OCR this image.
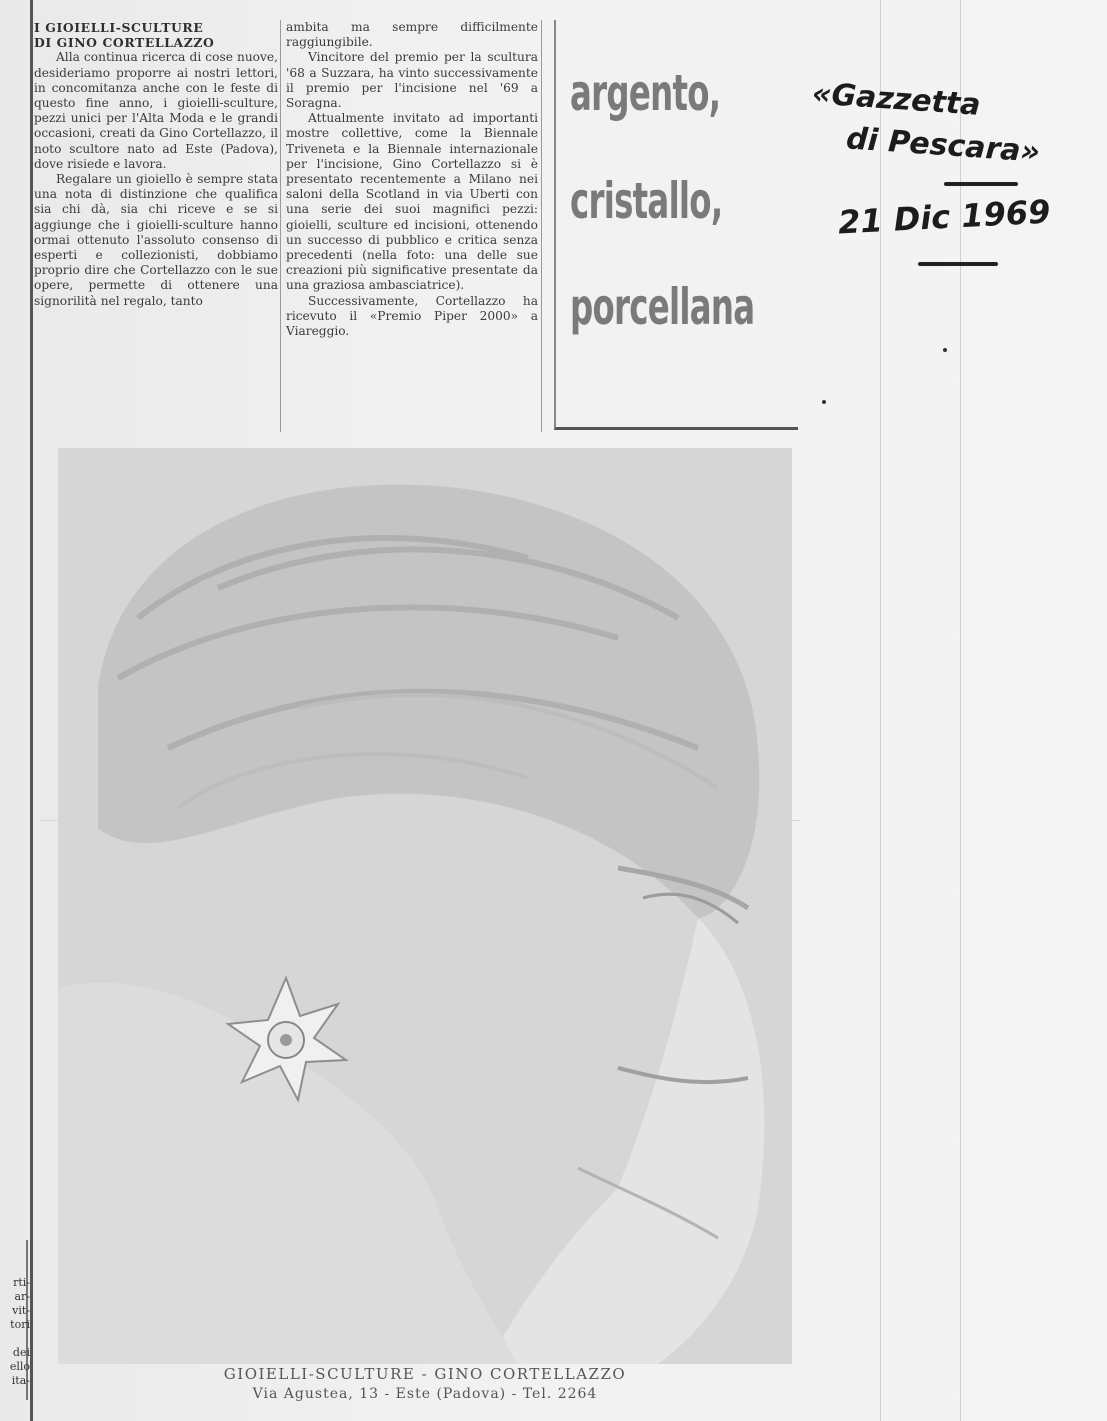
rti-
ar-
vit-
tori
dei
ello
ita-

I GIOIELLI-SCULTURE

DI GINO CORTELLAZZO

Alla continua ricerca di cose nuove, desideriamo proporre ai nostri lettori, in concomitanza anche con le feste di questo fine anno, i gioielli-sculture, pezzi unici per l'Alta Moda e le grandi occasioni, creati da Gino Cortellazzo, il noto scultore nato ad Este (Padova), dove risiede e lavora.

Regalare un gioiello è sempre stata una nota di distinzione che qualifica sia chi dà, sia chi riceve e se si aggiunge che i gioielli-sculture hanno ormai ottenuto l'assoluto consenso di esperti e collezionisti, dobbiamo proprio dire che Cortellazzo con le sue opere, permette di ottenere una signorilità nel regalo, tanto

ambita ma sempre difficilmente raggiungibile.

Vincitore del premio per la scultura '68 a Suzzara, ha vinto successivamente il premio per l'incisione nel '69 a Soragna.

Attualmente invitato ad importanti mostre collettive, come la Biennale Triveneta e la Biennale internazionale per l'incisione, Gino Cortellazzo si è presentato recentemente a Milano nei saloni della Scotland in via Uberti con una serie dei suoi magnifici pezzi: gioielli, sculture ed incisioni, ottenendo un successo di pubblico e critica senza precedenti (nella foto: una delle sue creazioni più significative presentate da una graziosa ambasciatrice).

Successivamente, Cortellazzo ha ricevuto il «Premio Piper 2000» a Viareggio.

argento,
cristallo,
porcellana
GIOIELLI-SCULTURE - GINO CORTELLAZZO
Via Agustea, 13 - Este (Padova) - Tel. 2264
«Gazzetta
di Pescara»
21 Dic 1969
